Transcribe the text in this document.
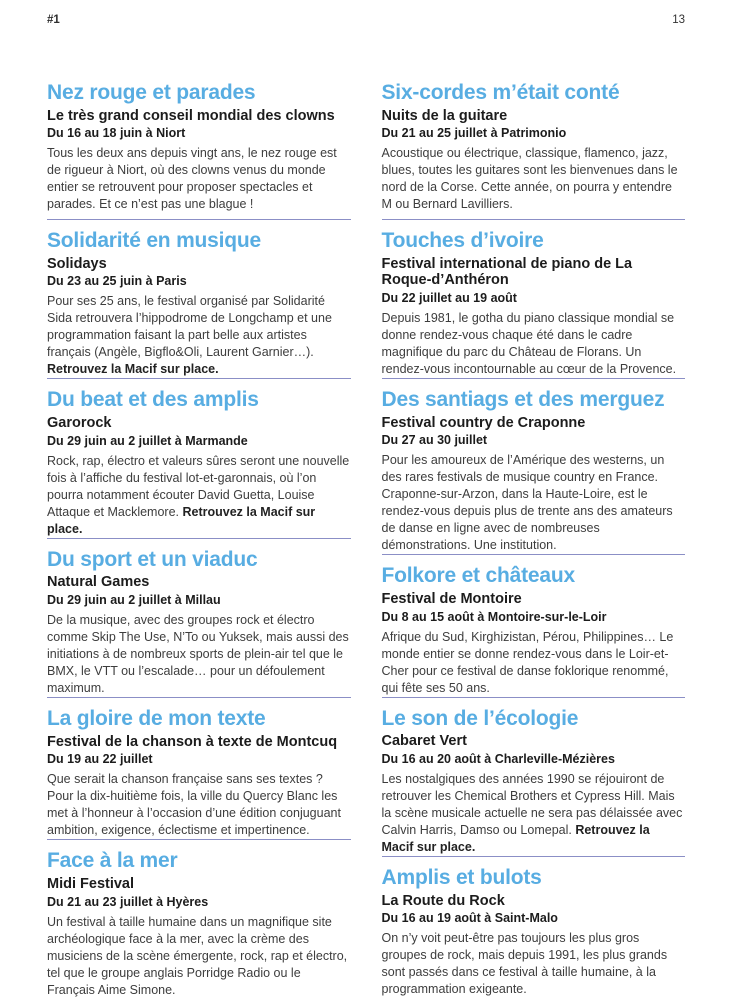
#1	13
Nez rouge et parades
Le très grand conseil mondial des clowns
Du 16 au 18 juin à Niort

Tous les deux ans depuis vingt ans, le nez rouge est de rigueur à Niort, où des clowns venus du monde entier se retrouvent pour proposer spectacles et parades. Et ce n’est pas une blague !

Solidarité en musique
Solidays
Du 23 au 25 juin à Paris

Pour ses 25 ans, le festival organisé par Solidarité Sida retrouvera l’hippodrome de Longchamp et une programmation faisant la part belle aux artistes français (Angèle, Bigflo&Oli, Laurent Garnier…). Retrouvez la Macif sur place.

Du beat et des amplis
Garorock
Du 29 juin au 2 juillet à Marmande

Rock, rap, électro et valeurs sûres seront une nouvelle fois à l’affiche du festival lot-et-garonnais, où l’on pourra notamment écouter David Guetta, Louise Attaque et Macklemore. Retrouvez la Macif sur place.

Du sport et un viaduc
Natural Games
Du 29 juin au 2 juillet à Millau

De la musique, avec des groupes rock et électro comme Skip The Use, N’To ou Yuksek, mais aussi des initiations à de nombreux sports de plein-air tel que le BMX, le VTT ou l’escalade… pour un défoulement maximum.

La gloire de mon texte
Festival de la chanson à texte de Montcuq
Du 19 au 22 juillet

Que serait la chanson française sans ses textes ? Pour la dix-huitième fois, la ville du Quercy Blanc les met à l’honneur à l’occasion d’une édition conjuguant ambition, exigence, éclectisme et impertinence.

Face à la mer
Midi Festival
Du 21 au 23 juillet à Hyères

Un festival à taille humaine dans un magnifique site archéologique face à la mer, avec la crème des musiciens de la scène émergente, rock, rap et électro, tel que le groupe anglais Porridge Radio ou le Français Aime Simone.

Six-cordes m’était conté
Nuits de la guitare
Du 21 au 25 juillet à Patrimonio

Acoustique ou électrique, classique, flamenco, jazz, blues, toutes les guitares sont les bienvenues dans le nord de la Corse. Cette année, on pourra y entendre M ou Bernard Lavilliers.

Touches d’ivoire
Festival international de piano de La Roque-d’Anthéron
Du 22 juillet au 19 août

Depuis 1981, le gotha du piano classique mondial se donne rendez-vous chaque été dans le cadre magnifique du parc du Château de Florans. Un rendez-vous incontournable au cœur de la Provence.

Des santiags et des merguez
Festival country de Craponne
Du 27 au 30 juillet

Pour les amoureux de l’Amérique des westerns, un des rares festivals de musique country en France. Craponne-sur-Arzon, dans la Haute-Loire, est le rendez-vous depuis plus de trente ans des amateurs de danse en ligne avec de nombreuses démonstrations. Une institution.

Folkore et châteaux
Festival de Montoire
Du 8 au 15 août à Montoire-sur-le-Loir

Afrique du Sud, Kirghizistan, Pérou, Philippines… Le monde entier se donne rendez-vous dans le Loir-et-Cher pour ce festival de danse foklorique renommé, qui fête ses 50 ans.

Le son de l’écologie
Cabaret Vert
Du 16 au 20 août à Charleville-Mézières

Les nostalgiques des années 1990 se réjouiront de retrouver les Chemical Brothers et Cypress Hill. Mais la scène musicale actuelle ne sera pas délaissée avec Calvin Harris, Damso ou Lomepal. Retrouvez la Macif sur place.

Amplis et bulots
La Route du Rock
Du 16 au 19 août à Saint-Malo

On n’y voit peut-être pas toujours les plus gros groupes de rock, mais depuis 1991, les plus grands sont passés dans ce festival à taille humaine, à la programmation exigeante.
